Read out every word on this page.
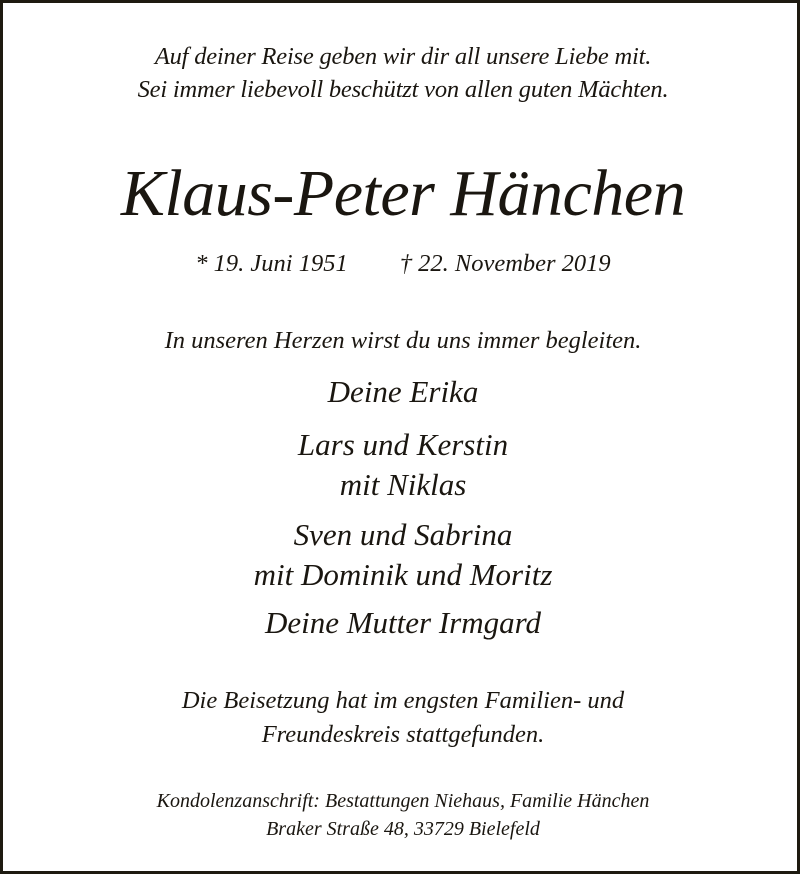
Auf deiner Reise geben wir dir all unsere Liebe mit.
Sei immer liebevoll beschützt von allen guten Mächten.
Klaus-Peter Hänchen
* 19. Juni 1951 † 22. November 2019
In unseren Herzen wirst du uns immer begleiten.
Deine Erika
Lars und Kerstin
mit Niklas
Sven und Sabrina
mit Dominik und Moritz
Deine Mutter Irmgard
Die Beisetzung hat im engsten Familien- und
Freundeskreis stattgefunden.
Kondolenzanschrift: Bestattungen Niehaus, Familie Hänchen
Braker Straße 48, 33729 Bielefeld
